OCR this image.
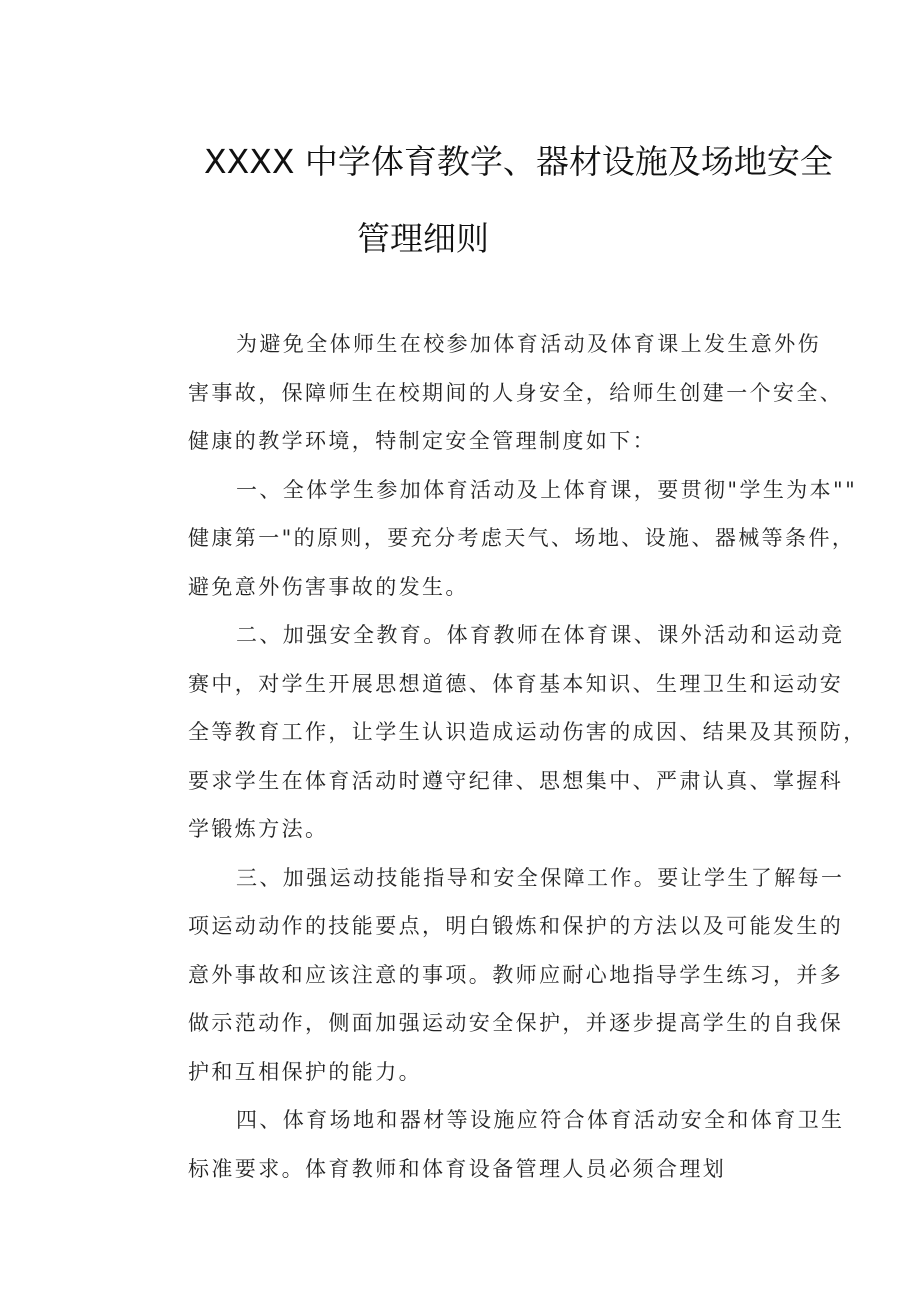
XXXX 中学体育教学、器材设施及场地安全
管理细则
为避免全体师生在校参加体育活动及体育课上发生意外伤
害事故，保障师生在校期间的人身安全，给师生创建一个安全、
健康的教学环境，特制定安全管理制度如下：
一、全体学生参加体育活动及上体育课，要贯彻"学生为本""
健康第一"的原则，要充分考虑天气、场地、设施、器械等条件，
避免意外伤害事故的发生。
二、加强安全教育。体育教师在体育课、课外活动和运动竞
赛中，对学生开展思想道德、体育基本知识、生理卫生和运动安
全等教育工作，让学生认识造成运动伤害的成因、结果及其预防，
要求学生在体育活动时遵守纪律、思想集中、严肃认真、掌握科
学锻炼方法。
三、加强运动技能指导和安全保障工作。要让学生了解每一
项运动动作的技能要点，明白锻炼和保护的方法以及可能发生的
意外事故和应该注意的事项。教师应耐心地指导学生练习，并多
做示范动作，侧面加强运动安全保护，并逐步提高学生的自我保
护和互相保护的能力。
四、体育场地和器材等设施应符合体育活动安全和体育卫生
标准要求。体育教师和体育设备管理人员必须合理划
